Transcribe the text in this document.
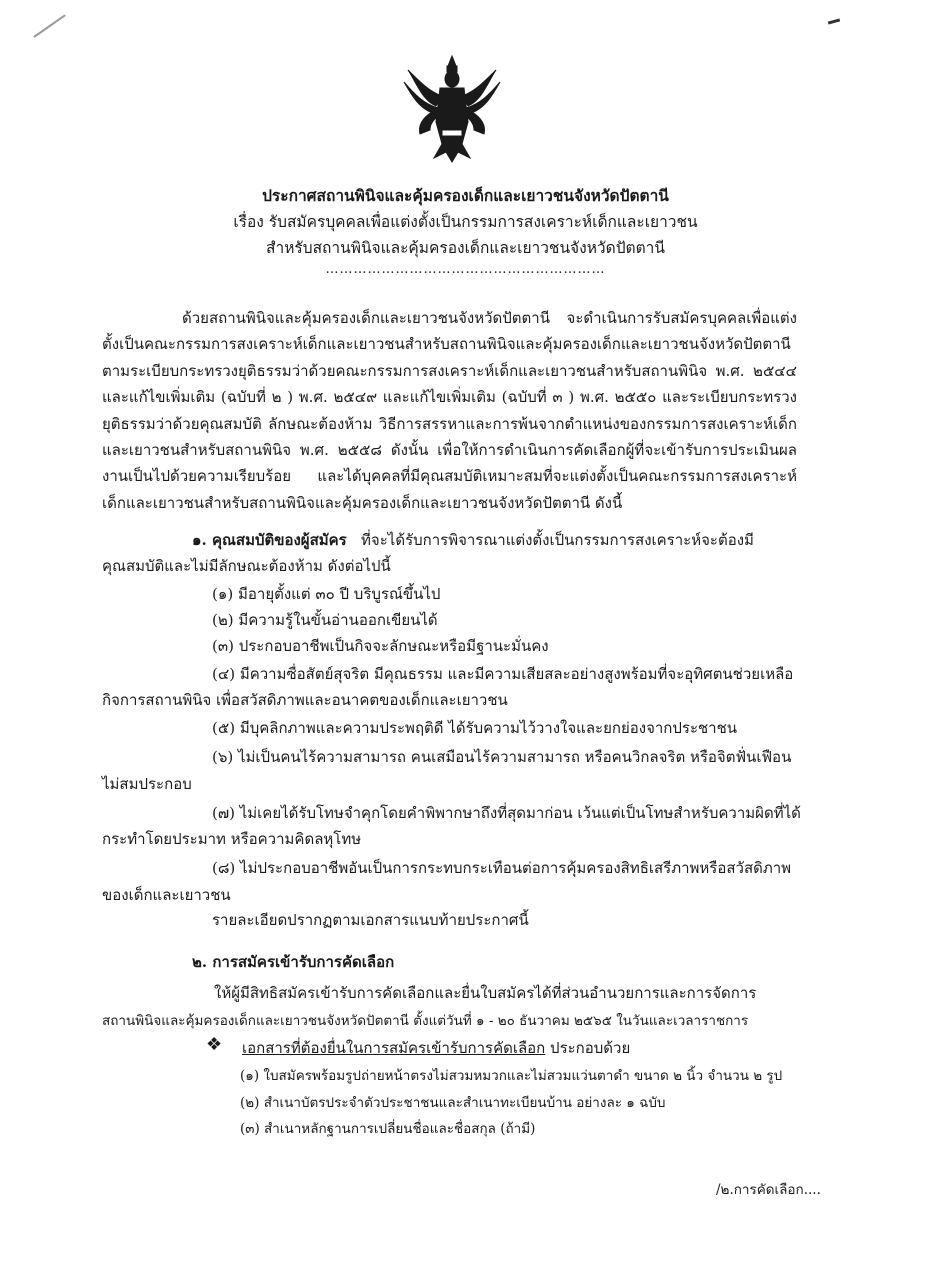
ประกาศสถานพินิจและคุ้มครองเด็กและเยาวชนจังหวัดปัตตานี
เรื่อง รับสมัครบุคคลเพื่อแต่งตั้งเป็นกรรมการสงเคราะห์เด็กและเยาวชน
สำหรับสถานพินิจและคุ้มครองเด็กและเยาวชนจังหวัดปัตตานี
……………………………………………………

ด้วยสถานพินิจและคุ้มครองเด็กและเยาวชนจังหวัดปัตตานี จะดำเนินการรับสมัครบุคคลเพื่อแต่งตั้งเป็นคณะกรรมการสงเคราะห์เด็กและเยาวชนสำหรับสถานพินิจและคุ้มครองเด็กและเยาวชนจังหวัดปัตตานี ตามระเบียบกระทรวงยุติธรรมว่าด้วยคณะกรรมการสงเคราะห์เด็กและเยาวชนสำหรับสถานพินิจ พ.ศ. ๒๕๔๔ และแก้ไขเพิ่มเติม (ฉบับที่ ๒ ) พ.ศ. ๒๕๔๙ และแก้ไขเพิ่มเติม (ฉบับที่ ๓ ) พ.ศ. ๒๕๕๐ และระเบียบกระทรวงยุติธรรมว่าด้วยคุณสมบัติ ลักษณะต้องห้าม วิธีการสรรหาและการพ้นจากตำแหน่งของกรรมการสงเคราะห์เด็กและเยาวชนสำหรับสถานพินิจ พ.ศ. ๒๕๕๘ ดังนั้น เพื่อให้การดำเนินการคัดเลือกผู้ที่จะเข้ารับการประเมินผลงานเป็นไปด้วยความเรียบร้อย และได้บุคคลที่มีคุณสมบัติเหมาะสมที่จะแต่งตั้งเป็นคณะกรรมการสงเคราะห์เด็กและเยาวชนสำหรับสถานพินิจและคุ้มครองเด็กและเยาวชนจังหวัดปัตตานี ดังนี้

๑. คุณสมบัติของผู้สมัคร ที่จะได้รับการพิจารณาแต่งตั้งเป็นกรรมการสงเคราะห์จะต้องมี
คุณสมบัติและไม่มีลักษณะต้องห้าม ดังต่อไปนี้
(๑) มีอายุตั้งแต่ ๓๐ ปี บริบูรณ์ขึ้นไป
(๒) มีความรู้ในขั้นอ่านออกเขียนได้
(๓) ประกอบอาชีพเป็นกิจจะลักษณะหรือมีฐานะมั่นคง
(๔) มีความซื่อสัตย์สุจริต มีคุณธรรม และมีความเสียสละอย่างสูงพร้อมที่จะอุทิศตนช่วยเหลือ
กิจการสถานพินิจ เพื่อสวัสดิภาพและอนาคตของเด็กและเยาวชน
(๕) มีบุคลิกภาพและความประพฤติดี ได้รับความไว้วางใจและยกย่องจากประชาชน
(๖) ไม่เป็นคนไร้ความสามารถ คนเสมือนไร้ความสามารถ หรือคนวิกลจริต หรือจิตฟั่นเฟือน
ไม่สมประกอบ
(๗) ไม่เคยได้รับโทษจำคุกโดยคำพิพากษาถึงที่สุดมาก่อน เว้นแต่เป็นโทษสำหรับความผิดที่ได้
กระทำโดยประมาท หรือความคิดลหุโทษ
(๘) ไม่ประกอบอาชีพอันเป็นการกระทบกระเทือนต่อการคุ้มครองสิทธิเสรีภาพหรือสวัสดิภาพ
ของเด็กและเยาวชน
รายละเอียดปรากฏตามเอกสารแนบท้ายประกาศนี้
๒. การสมัครเข้ารับการคัดเลือก
ให้ผู้มีสิทธิสมัครเข้ารับการคัดเลือกและยื่นใบสมัครได้ที่ส่วนอำนวยการและการจัดการ
สถานพินิจและคุ้มครองเด็กและเยาวชนจังหวัดปัตตานี ตั้งแต่วันที่ ๑ - ๒๐ ธันวาคม ๒๕๖๕ ในวันและเวลาราชการ
❖ เอกสารที่ต้องยื่นในการสมัครเข้ารับการคัดเลือก ประกอบด้วย
(๑) ใบสมัครพร้อมรูปถ่ายหน้าตรงไม่สวมหมวกและไม่สวมแว่นตาดำ ขนาด ๒ นิ้ว จำนวน ๒ รูป
(๒) สำเนาบัตรประจำตัวประชาชนและสำเนาทะเบียนบ้าน อย่างละ ๑ ฉบับ
(๓) สำเนาหลักฐานการเปลี่ยนชื่อและชื่อสกุล (ถ้ามี)
/๒.การคัดเลือก....
